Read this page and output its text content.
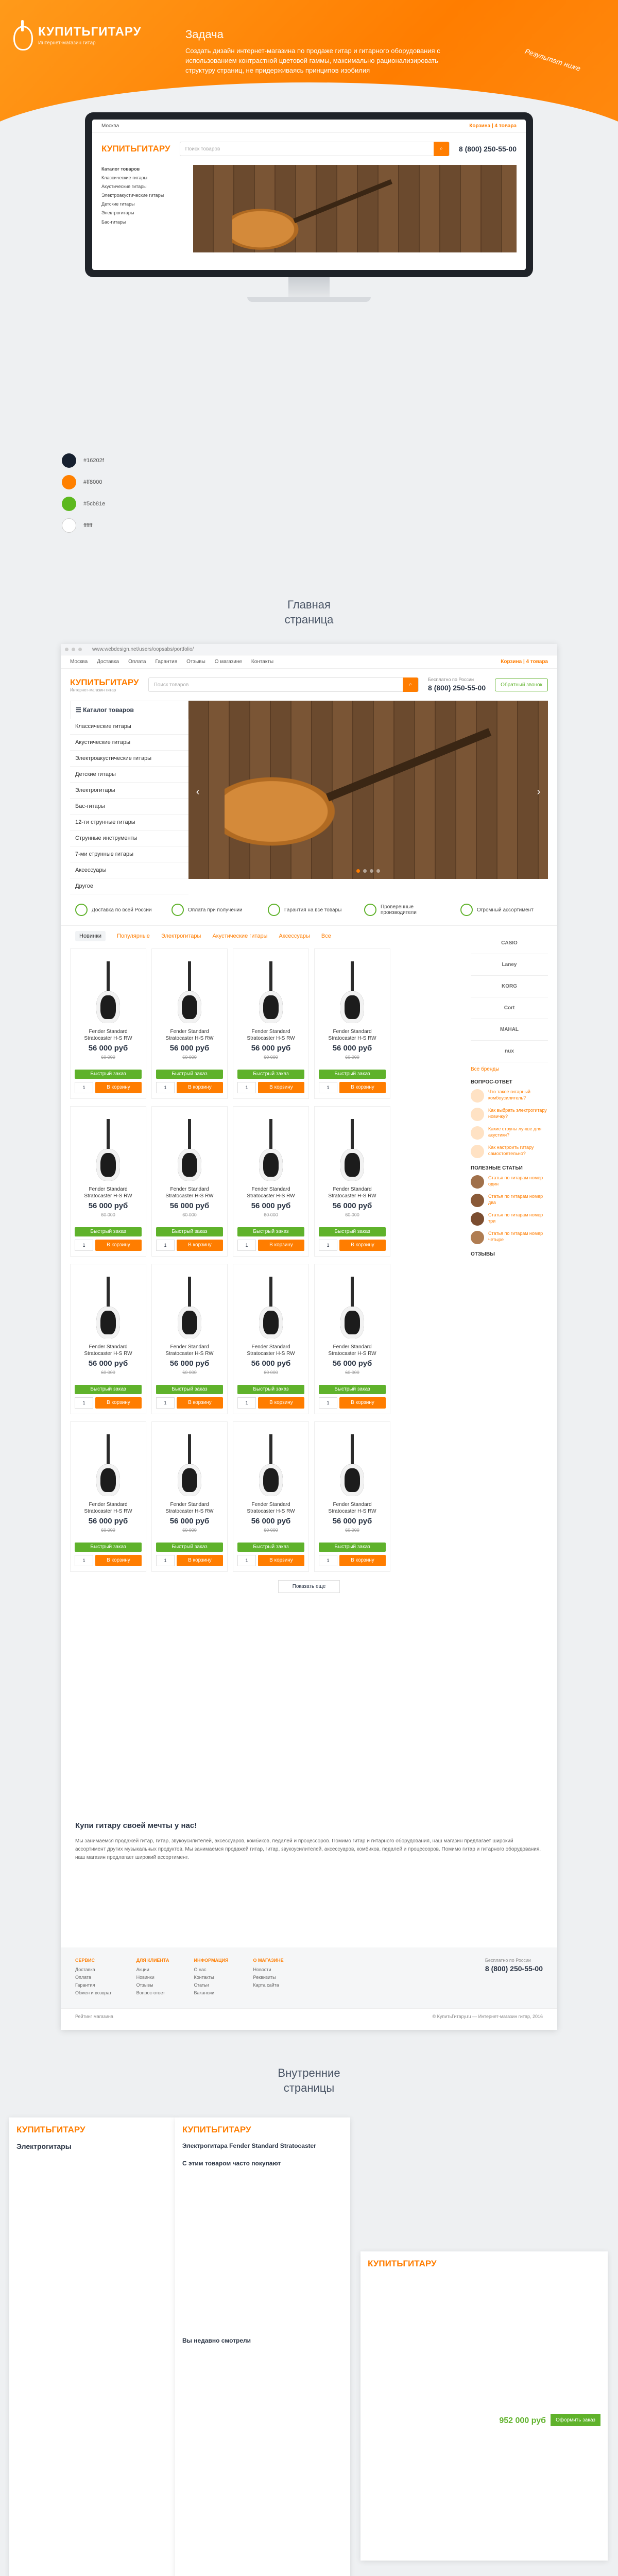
КУПИТЬГИТАРУ
Интернет-магазин гитар
Задача

Создать дизайн интернет-магазина по продаже гитар и гитарного оборудования с использованием контрастной цветовой гаммы, максимально рационализировать структуру страниц, не придерживаясь принципов изобилия	Результат ниже
Москва	Корзина | 4 товара
КУПИТЬГИТАРУ	Поиск товаров	⌕	8 (800) 250-55-00
Каталог товаров
Классические гитары
Акустические гитары
Электроакустические гитары
Детские гитары
Электрогитары
Бас-гитары
#16202f
#ff8000
#5cb81e
ffffff
Главная
страница
www.webdesign.net/users/oopsabs/portfolio/
Москва Доставка Оплата Гарантия Отзывы О магазине Контакты	Корзина | 4 товара
КУПИТЬГИТАРУ
Интернет-магазин гитар
Поиск товаров	⌕
Бесплатно по России
8 (800) 250-55-00	Обратный звонок
☰ Каталог товаров
Классические гитары
Акустические гитары
Электроакустические гитары
Детские гитары
Электрогитары
Бас-гитары
12-ти струнные гитары
Струнные инструменты
7-ми струнные гитары
Аксессуары
Другое
‹	›
Доставка по всей России	Оплата при получении	Гарантия на все товары	Проверенные производители	Огромный ассортимент
Новинки	Популярные Электрогитары Акустические гитары Аксессуары Все
Fender Standard Stratocaster H-S RW
56 000 руб
60 000
Быстрый заказ
1	В корзину
Fender Standard Stratocaster H-S RW
56 000 руб
60 000
Быстрый заказ
1	В корзину
Fender Standard Stratocaster H-S RW
56 000 руб
60 000
Быстрый заказ
1	В корзину
Fender Standard Stratocaster H-S RW
56 000 руб
60 000
Быстрый заказ
1	В корзину
Fender Standard Stratocaster H-S RW
56 000 руб
60 000
Быстрый заказ
1	В корзину
Fender Standard Stratocaster H-S RW
56 000 руб
60 000
Быстрый заказ
1	В корзину
Fender Standard Stratocaster H-S RW
56 000 руб
60 000
Быстрый заказ
1	В корзину
Fender Standard Stratocaster H-S RW
56 000 руб
60 000
Быстрый заказ
1	В корзину
Fender Standard Stratocaster H-S RW
56 000 руб
60 000
Быстрый заказ
1	В корзину
Fender Standard Stratocaster H-S RW
56 000 руб
60 000
Быстрый заказ
1	В корзину
Fender Standard Stratocaster H-S RW
56 000 руб
60 000
Быстрый заказ
1	В корзину
Fender Standard Stratocaster H-S RW
56 000 руб
60 000
Быстрый заказ
1	В корзину
Fender Standard Stratocaster H-S RW
56 000 руб
60 000
Быстрый заказ
1	В корзину
Fender Standard Stratocaster H-S RW
56 000 руб
60 000
Быстрый заказ
1	В корзину
Fender Standard Stratocaster H-S RW
56 000 руб
60 000
Быстрый заказ
1	В корзину
Fender Standard Stratocaster H-S RW
56 000 руб
60 000
Быстрый заказ
1	В корзину
Показать еще
CASIO
Laney
KORG
Cort
MAHAL
nux
Все бренды
ВОПРОС-ОТВЕТ
Что такое гитарный комбоусилитель?
Как выбрать электрогитару новичку?
Какие струны лучше для акустики?
Как настроить гитару самостоятельно?
ПОЛЕЗНЫЕ СТАТЬИ
Статья по гитарам номер один
Статья по гитарам номер два
Статья по гитарам номер три
Статья по гитарам номер четыре
ОТЗЫВЫ
Купи гитару своей мечты у нас!

Мы занимаемся продажей гитар, гитар, звукоусилителей, аксессуаров, комбиков, педалей и процессоров. Помимо гитар и гитарного оборудования, наш магазин предлагает широкий ассортимент других музыкальных продуктов. Мы занимаемся продажей гитар, гитар, звукоусилителей, аксессуаров, комбиков, педалей и процессоров. Помимо гитар и гитарного оборудования, наш магазин предлагает широкий ассортимент.

СЕРВИС

Доставка

Оплата

Гарантия

Обмен и возврат

ДЛЯ КЛИЕНТА

Акции

Новинки

Отзывы

Вопрос-ответ

ИНФОРМАЦИЯ

О нас

Контакты

Статьи

Вакансии

О МАГАЗИНЕ

Новости

Реквизиты

Карта сайта

Бесплатно по России
8 (800) 250-55-00
Рейтинг магазина	© КупитьГитару.ru — Интернет-магазин гитар, 2016
Внутренние
страницы
КУПИТЬГИТАРУ
Электрогитары
КУПИТЬГИТАРУ
Электрогитара Fender Standard Stratocaster
С этим товаром часто покупают
Вы недавно смотрели
КУПИТЬГИТАРУ
952 000 руб	Оформить заказ
